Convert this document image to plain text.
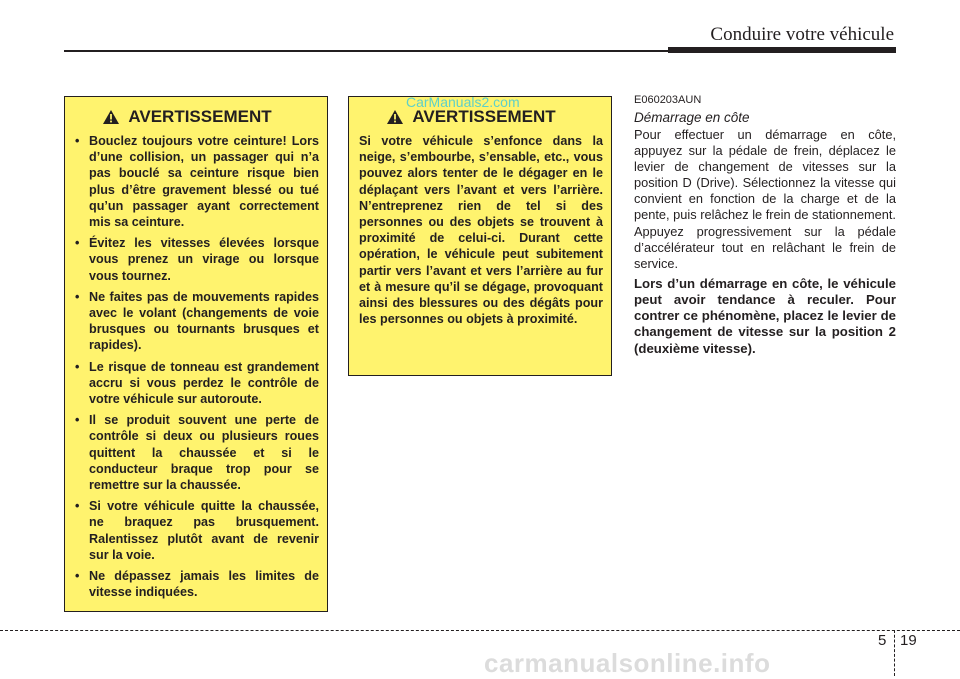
Conduire votre véhicule
AVERTISSEMENT
• Bouclez toujours votre ceinture! Lors d’une collision, un passager qui n’a pas bouclé sa ceinture risque bien plus d’être gravement blessé ou tué qu’un passager ayant correctement mis sa ceinture.
• Évitez les vitesses élevées lorsque vous prenez un virage ou lorsque vous tournez.
• Ne faites pas de mouvements rapides avec le volant (changements de voie brusques ou tournants brusques et rapides).
• Le risque de tonneau est grandement accru si vous perdez le contrôle de votre véhicule sur autoroute.
• Il se produit souvent une perte de contrôle si deux ou plusieurs roues quittent la chaussée et si le conducteur braque trop pour se remettre sur la chaussée.
• Si votre véhicule quitte la chaussée, ne braquez pas brusquement. Ralentissez plutôt avant de revenir sur la voie.
• Ne dépassez jamais les limites de vitesse indiquées.
AVERTISSEMENT

Si votre véhicule s’enfonce dans la neige, s’embourbe, s’ensable, etc., vous pouvez alors tenter de le dégager en le déplaçant vers l’avant et vers l’arrière. N’entreprenez rien de tel si des personnes ou des objets se trouvent à proximité de celui-ci. Durant cette opération, le véhicule peut subitement partir vers l’avant et vers l’arrière au fur et à mesure qu’il se dégage, provoquant ainsi des blessures ou des dégâts pour les personnes ou objets à proximité.

CarManuals2.com	E060203AUN
Démarrage en côte

Pour effectuer un démarrage en côte, appuyez sur la pédale de frein, déplacez le levier de changement de vitesses sur la position D (Drive). Sélectionnez la vitesse qui convient en fonction de la charge et de la pente, puis relâchez le frein de stationnement. Appuyez progressivement sur la pédale d’accélérateur tout en relâchant le frein de service.

Lors d’un démarrage en côte, le véhicule peut avoir tendance à reculer. Pour contrer ce phénomène, placez le levier de changement de vitesse sur la position 2 (deuxième vitesse).

5 19
carmanualsonline.info
